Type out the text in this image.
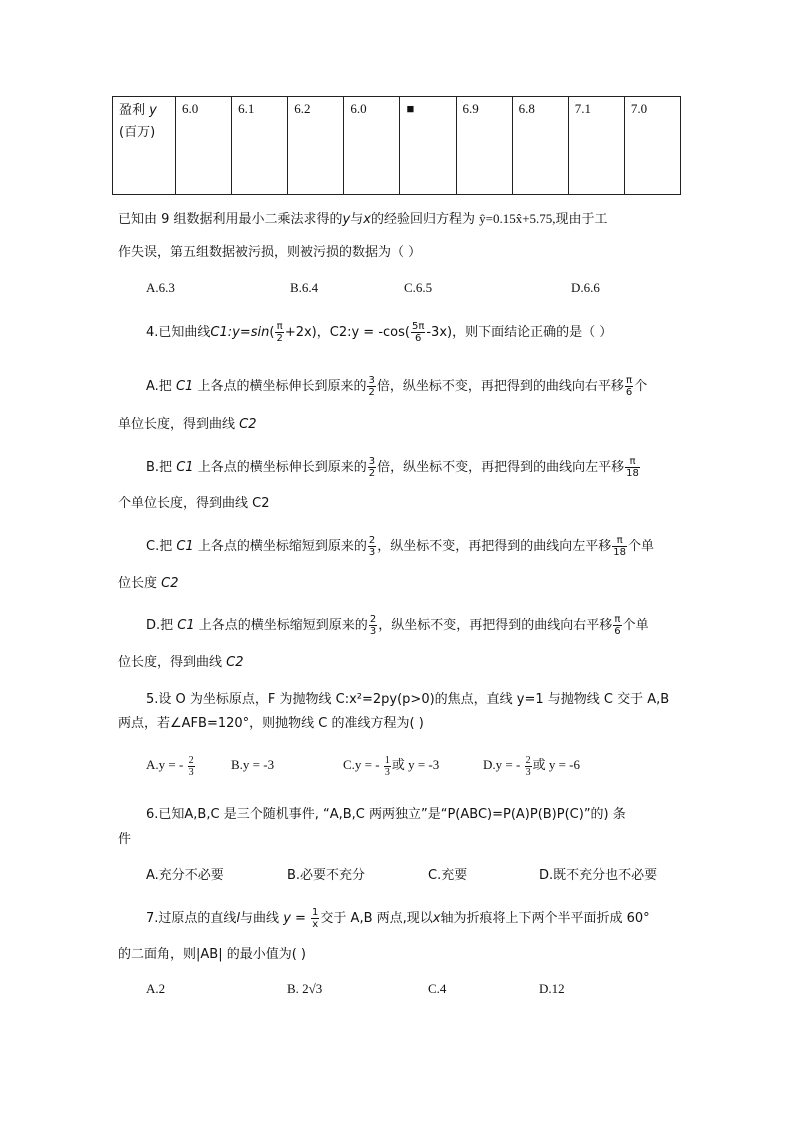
盈利 y
(百万)	6.0	6.1	6.2	6.0	■	6.9	6.8	7.1	7.0
已知由 9 组数据利用最小二乘法求得的y与x的经验回归方程为 ŷ=0.15x̂+5.75,现由于工
作失误，第五组数据被污损，则被污损的数据为（ ）
A.6.3	B.6.4	C.6.5	D.6.6
4.已知曲线C1:y=sin( $\frac{\pi}{2} +2x$)，C2:y = $-\cos( \frac{5\pi}{6} -3x)$，则下面结论正确的是（ ）
A.把 C1 上各点的横坐标伸长到原来的 $\frac{3}{2}$ 倍，纵坐标不变，再把得到的曲线向右平移 $\frac{\pi}{6}$ 个
单位长度，得到曲线 C2
B.把 C1 上各点的横坐标伸长到原来的 $\frac{3}{2}$ 倍，纵坐标不变，再把得到的曲线向左平移 $\frac{\pi}{18}$
个单位长度，得到曲线 C2
C.把 C1 上各点的横坐标缩短到原来的 $\frac{2}{3}$ ，纵坐标不变，再把得到的曲线向左平移 $\frac{\pi}{18}$ 个单
位长度 C2
D.把 C1 上各点的横坐标缩短到原来的 $\frac{2}{3}$ ，纵坐标不变，再把得到的曲线向右平移 $\frac{\pi}{6}$ 个单
位长度，得到曲线 C2
5.设 O 为坐标原点，F 为抛物线 C:x²=2py(p>0)的焦点，直线 y=1 与抛物线 C 交于 A,B
两点，若∠AFB=120°，则抛物线 C 的准线方程为( )
A.y = - $\frac{2}{3}$	B.y = -3	C.y = - $\frac{1}{3}$ 或 y = -3	D.y = - $\frac{2}{3}$ 或 y = -6
6.已知A,B,C 是三个随机事件, “A,B,C 两两独立”是“P(ABC)=P(A)P(B)P(C)”的) 条
件
A.充分不必要	B.必要不充分	C.充要	D.既不充分也不必要
7.过原点的直线l与曲线 $y = \frac{1}{x}$ 交于 A,B 两点,现以x轴为折痕将上下两个半平面折成 60°
的二面角，则|AB| 的最小值为( )
A.2	B. 2√3	C.4	D.12
